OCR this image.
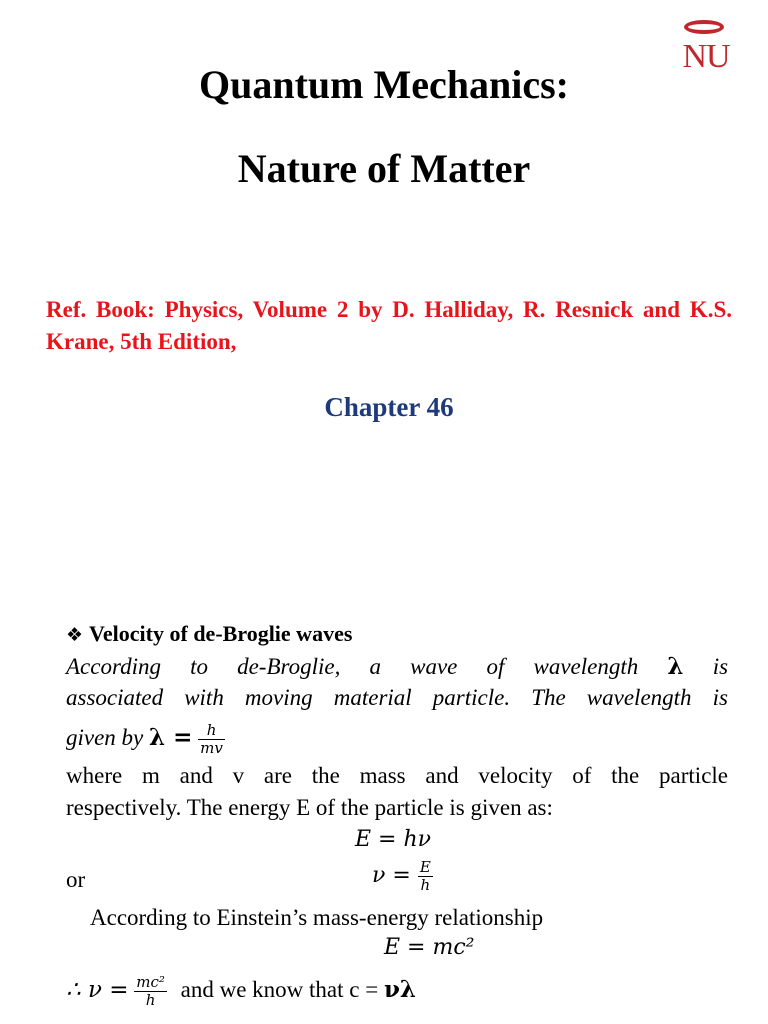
NU
Quantum Mechanics:
Nature of Matter
Ref. Book: Physics, Volume 2 by D. Halliday, R. Resnick and K.S. Krane, 5th Edition,
Chapter 46
❖ Velocity of de-Broglie waves
According to de-Broglie, a wave of wavelength λ is
associated with moving material particle. The wavelength is
given by $\lambda = \frac{h}{mv}$
where m and v are the mass and velocity of the particle
respectively. The energy E of the particle is given as:
E = hν
or	$\nu = \frac{E}{h}$
According to Einstein’s mass-energy relationship
E = mc²
∴ $\nu = \frac{\text{mc²}}{h}$ and we know that c = νλ
